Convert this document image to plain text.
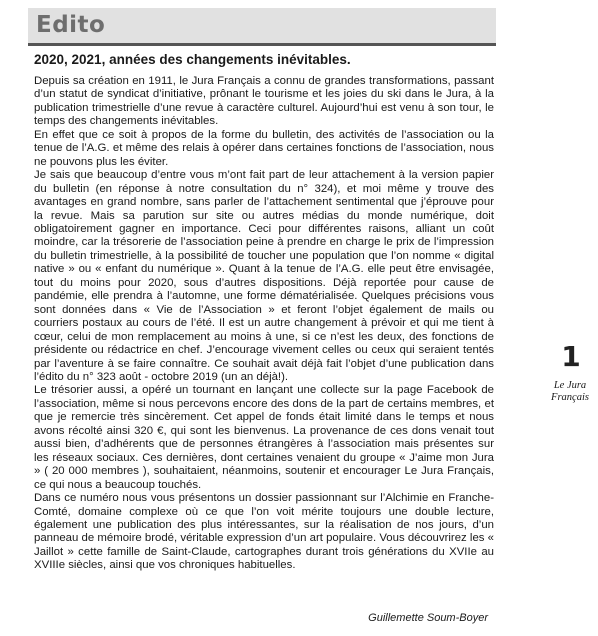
Edito
2020, 2021, années des changements inévitables.

Depuis sa création en 1911, le Jura Français a connu de grandes transformations, passant d’un statut de syndicat d’initiative, prônant le tourisme et les joies du ski dans le Jura, à la publication trimestrielle d’une revue à caractère culturel. Aujourd’hui est venu à son tour, le temps des changements inévitables.

En effet que ce soit à propos de la forme du bulletin, des activités de l’association ou la tenue de l’A.G. et même des relais à opérer dans certaines fonctions de l’association, nous ne pouvons plus les éviter.

Je sais que beaucoup d’entre vous m’ont fait part de leur attachement à la version papier du bulletin (en réponse à notre consultation du n° 324), et moi même y trouve des avantages en grand nombre, sans parler de l’attachement sentimental que j’éprouve pour la revue. Mais sa parution sur site ou autres médias du monde numérique, doit obligatoirement gagner en importance. Ceci pour différentes raisons, alliant un coût moindre, car la trésorerie de l’association peine à prendre en charge le prix de l’impression du bulletin trimestrielle, à la possibilité de toucher une population que l’on nomme « digital native » ou « enfant du numérique ». Quant à la tenue de l’A.G. elle peut être envisagée, tout du moins pour 2020, sous d’autres dispositions. Déjà reportée pour cause de pandémie, elle prendra à l’automne, une forme dématérialisée. Quelques précisions vous sont données dans « Vie de l’Association » et feront l’objet également de mails ou courriers postaux au cours de l’été. Il est un autre changement à prévoir et qui me tient à cœur, celui de mon remplacement au moins à une, si ce n’est les deux, des fonctions de présidente ou rédactrice en chef. J’encourage vivement celles ou ceux qui seraient tentés par l’aventure à se faire connaître. Ce souhait avait déjà fait l’objet d’une publication dans l’édito du n° 323 août - octobre 2019 (un an déjà!).

Le trésorier aussi, a opéré un tournant en lançant une collecte sur la page Facebook de l’association, même si nous percevons encore des dons de la part de certains membres, et que je remercie très sincèrement. Cet appel de fonds était limité dans le temps et nous avons récolté ainsi 320 €, qui sont les bienvenus. La provenance de ces dons venait tout aussi bien, d’adhérents que de personnes étrangères à l’association mais présentes sur les réseaux sociaux. Ces dernières, dont certaines venaient du groupe « J’aime mon Jura » ( 20 000 membres ), souhaitaient, néanmoins, soutenir et encourager Le Jura Français, ce qui nous a beaucoup touchés.

Dans ce numéro nous vous présentons un dossier passionnant sur l’Alchimie en Franche-Comté, domaine complexe où ce que l’on voit mérite toujours une double lecture, également une publication des plus intéressantes, sur la réalisation de nos jours, d’un panneau de mémoire brodé, véritable expression d’un art populaire. Vous découvrirez les « Jaillot » cette famille de Saint-Claude, cartographes durant trois générations du XVIIe au XVIIIe siècles, ainsi que vos chroniques habituelles.

Guillemette Soum-Boyer
1
Le Jura
Français
